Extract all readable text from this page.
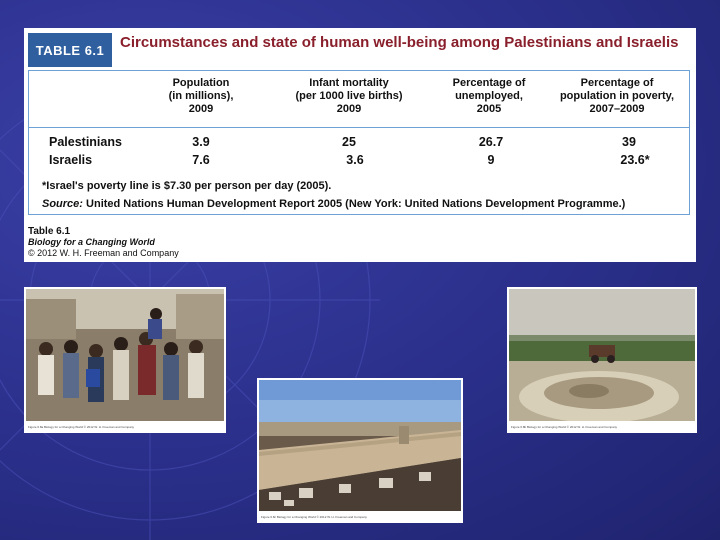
TABLE 6.1	Circumstances and state of human well-being among Palestinians and Israelis
Population
(in millions),
2009
Infant mortality
(per 1000 live births)
2009
Percentage of
unemployed,
2005
Percentage of
population in poverty,
2007–2009
Palestinians	3.9	25	26.7	39
Israelis	7.6	3.6	9	23.6*
*Israel's poverty line is $7.30 per person per day (2005).
Source: United Nations Human Development Report 2005 (New York: United Nations Development Programme.)
Table 6.1
Biology for a Changing World
© 2012 W. H. Freeman and Company
Figure 6.8a Biology for a Changing World © 2012 W. H. Freeman and Company
Figure 6.8c Biology for a Changing World © 2012 W. H. Freeman and Company
Figure 6.8b Biology for a Changing World © 2012 W. H. Freeman and Company
